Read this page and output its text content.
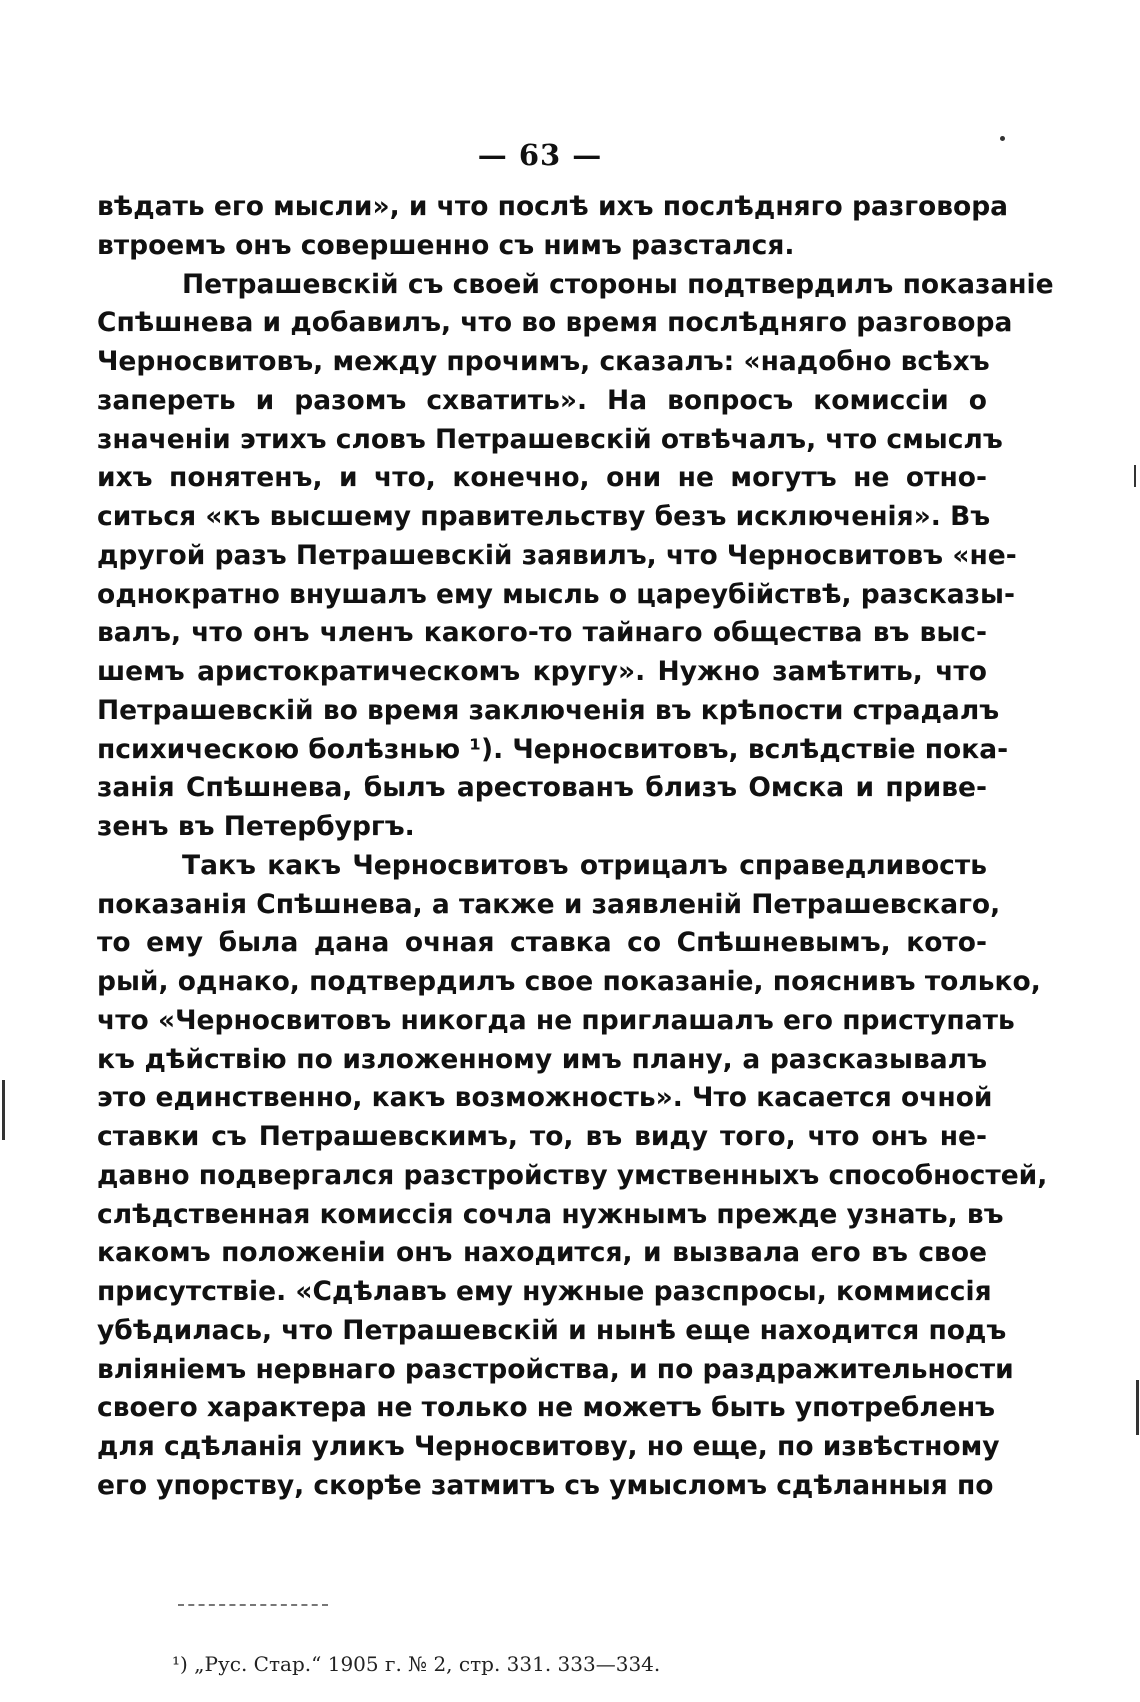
— 63 —
вѣдать его мысли», и что послѣ ихъ послѣдняго разговора
втроемъ онъ совершенно съ нимъ разстался.
Петрашевскій съ своей стороны подтвердилъ показаніе
Спѣшнева и добавилъ, что во время послѣдняго разговора
Черносвитовъ, между прочимъ, сказалъ: «надобно всѣхъ
запереть и разомъ схватить». На вопросъ комиссіи о
значеніи этихъ словъ Петрашевскій отвѣчалъ, что смыслъ
ихъ понятенъ, и что, конечно, они не могутъ не отно-
ситься «къ высшему правительству безъ исключенія». Въ
другой разъ Петрашевскій заявилъ, что Черносвитовъ «не-
однократно внушалъ ему мысль о цареубійствѣ, разсказы-
валъ, что онъ членъ какого-то тайнаго общества въ выс-
шемъ аристократическомъ кругу». Нужно замѣтить, что
Петрашевскій во время заключенія въ крѣпости страдалъ
психическою болѣзнью ¹). Черносвитовъ, вслѣдствіе пока-
занія Спѣшнева, былъ арестованъ близъ Омска и приве-
зенъ въ Петербургъ.
Такъ какъ Черносвитовъ отрицалъ справедливость
показанія Спѣшнева, а также и заявленій Петрашевскаго,
то ему была дана очная ставка со Спѣшневымъ, кото-
рый, однако, подтвердилъ свое показаніе, пояснивъ только,
что «Черносвитовъ никогда не приглашалъ его приступать
къ дѣйствію по изложенному имъ плану, а разсказывалъ
это единственно, какъ возможность». Что касается очной
ставки съ Петрашевскимъ, то, въ виду того, что онъ не-
давно подвергался разстройству умственныхъ способностей,
слѣдственная комиссія сочла нужнымъ прежде узнать, въ
какомъ положеніи онъ находится, и вызвала его въ свое
присутствіе. «Сдѣлавъ ему нужные разспросы, коммиссія
убѣдилась, что Петрашевскій и нынѣ еще находится подъ
вліяніемъ нервнаго разстройства, и по раздражительности
своего характера не только не можетъ быть употребленъ
для сдѣланія уликъ Черносвитову, но еще, по извѣстному
его упорству, скорѣе затмитъ съ умысломъ сдѣланныя по
¹) „Рус. Стар.“ 1905 г. № 2, стр. 331. 333—334.
